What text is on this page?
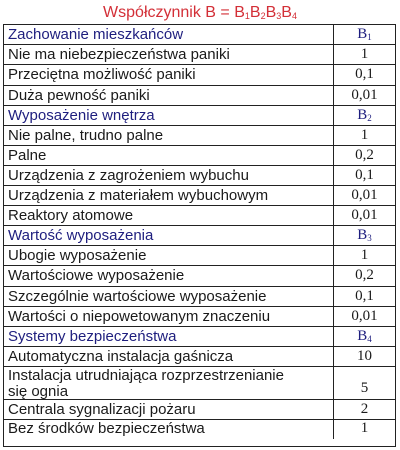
Współczynnik $B = B_1B_2B_3B_4$
Zachowanie mieszkańców	$B_1$
Nie ma niebezpieczeństwa paniki	1
Przeciętna możliwość paniki	0,1
Duża pewność paniki	0,01
Wyposażenie wnętrza	$B_2$
Nie palne, trudno palne	1
Palne	0,2
Urządzenia z zagrożeniem wybuchu	0,1
Urządzenia z materiałem wybuchowym	0,01
Reaktory atomowe	0,01
Wartość wyposażenia	$B_3$
Ubogie wyposażenie	1
Wartościowe wyposażenie	0,2
Szczególnie wartościowe wyposażenie	0,1
Wartości o niepowetowanym znaczeniu	0,01
Systemy bezpieczeństwa	$B_4$
Automatyczna instalacja gaśnicza	10
Instalacja utrudniająca rozprzestrzenianie
się ognia	5
Centrala sygnalizacji pożaru	2
Bez środków bezpieczeństwa	1
